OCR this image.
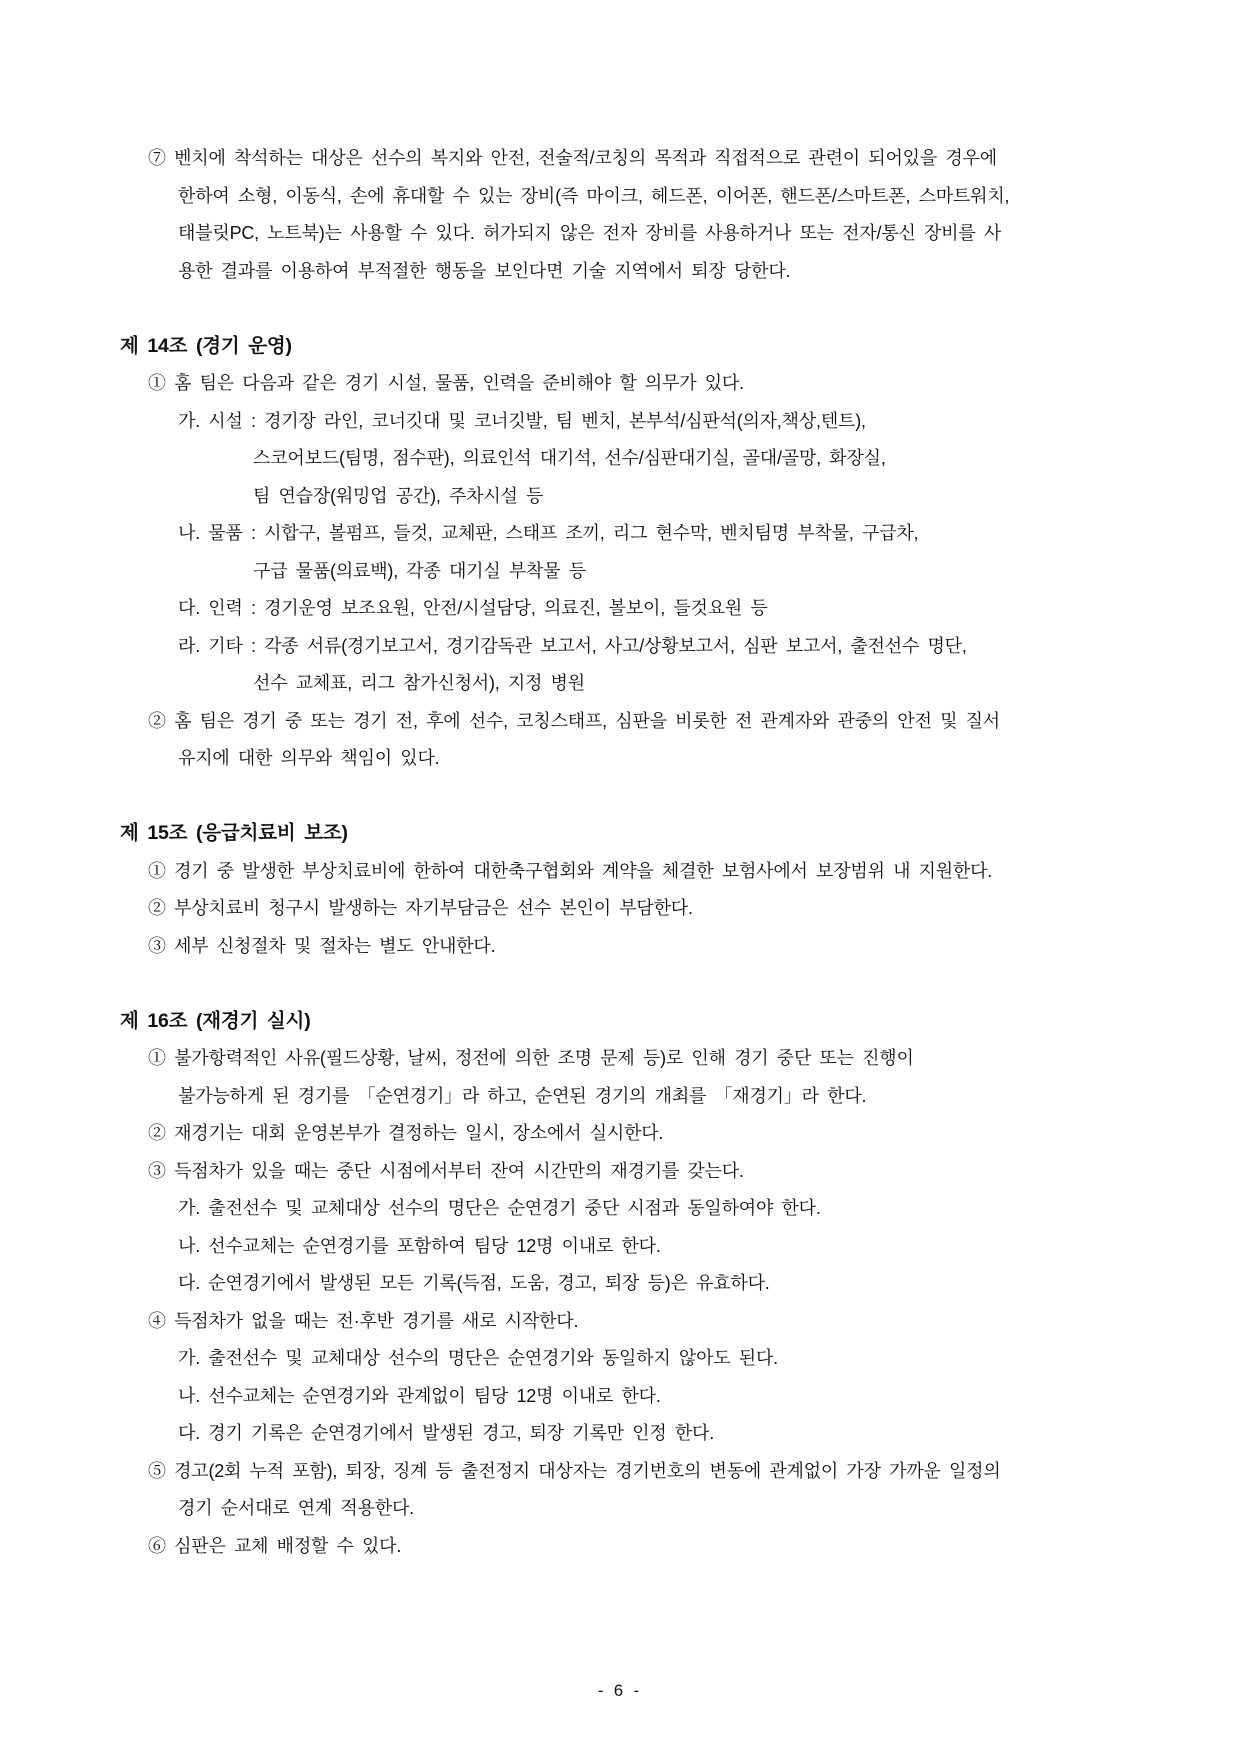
⑦ 벤치에 착석하는 대상은 선수의 복지와 안전, 전술적/코칭의 목적과 직접적으로 관련이 되어있을 경우에
한하여 소형, 이동식, 손에 휴대할 수 있는 장비(즉 마이크, 헤드폰, 이어폰, 핸드폰/스마트폰, 스마트워치,
태블릿PC, 노트북)는 사용할 수 있다. 허가되지 않은 전자 장비를 사용하거나 또는 전자/통신 장비를 사
용한 결과를 이용하여 부적절한 행동을 보인다면 기술 지역에서 퇴장 당한다.
제 14조 (경기 운영)
① 홈 팀은 다음과 같은 경기 시설, 물품, 인력을 준비해야 할 의무가 있다.
가. 시설 : 경기장 라인, 코너깃대 및 코너깃발, 팀 벤치, 본부석/심판석(의자,책상,텐트),
스코어보드(팀명, 점수판), 의료인석 대기석, 선수/심판대기실, 골대/골망, 화장실,
팀 연습장(워밍업 공간), 주차시설 등
나. 물품 : 시합구, 볼펌프, 들것, 교체판, 스태프 조끼, 리그 현수막, 벤치팀명 부착물, 구급차,
구급 물품(의료백), 각종 대기실 부착물 등
다. 인력 : 경기운영 보조요원, 안전/시설담당, 의료진, 볼보이, 들것요원 등
라. 기타 : 각종 서류(경기보고서, 경기감독관 보고서, 사고/상황보고서, 심판 보고서, 출전선수 명단,
선수 교체표, 리그 참가신청서), 지정 병원
② 홈 팀은 경기 중 또는 경기 전, 후에 선수, 코칭스태프, 심판을 비롯한 전 관계자와 관중의 안전 및 질서
유지에 대한 의무와 책임이 있다.
제 15조 (응급치료비 보조)
① 경기 중 발생한 부상치료비에 한하여 대한축구협회와 계약을 체결한 보험사에서 보장범위 내 지원한다.
② 부상치료비 청구시 발생하는 자기부담금은 선수 본인이 부담한다.
③ 세부 신청절차 및 절차는 별도 안내한다.
제 16조 (재경기 실시)
① 불가항력적인 사유(필드상황, 날씨, 정전에 의한 조명 문제 등)로 인해 경기 중단 또는 진행이
불가능하게 된 경기를 「순연경기」라 하고, 순연된 경기의 개최를 「재경기」라 한다.
② 재경기는 대회 운영본부가 결정하는 일시, 장소에서 실시한다.
③ 득점차가 있을 때는 중단 시점에서부터 잔여 시간만의 재경기를 갖는다.
가. 출전선수 및 교체대상 선수의 명단은 순연경기 중단 시점과 동일하여야 한다.
나. 선수교체는 순연경기를 포함하여 팀당 12명 이내로 한다.
다. 순연경기에서 발생된 모든 기록(득점, 도움, 경고, 퇴장 등)은 유효하다.
④ 득점차가 없을 때는 전·후반 경기를 새로 시작한다.
가. 출전선수 및 교체대상 선수의 명단은 순연경기와 동일하지 않아도 된다.
나. 선수교체는 순연경기와 관계없이 팀당 12명 이내로 한다.
다. 경기 기록은 순연경기에서 발생된 경고, 퇴장 기록만 인정 한다.
⑤ 경고(2회 누적 포함), 퇴장, 징계 등 출전정지 대상자는 경기번호의 변동에 관계없이 가장 가까운 일정의
경기 순서대로 연계 적용한다.
⑥ 심판은 교체 배정할 수 있다.
- 6 -
